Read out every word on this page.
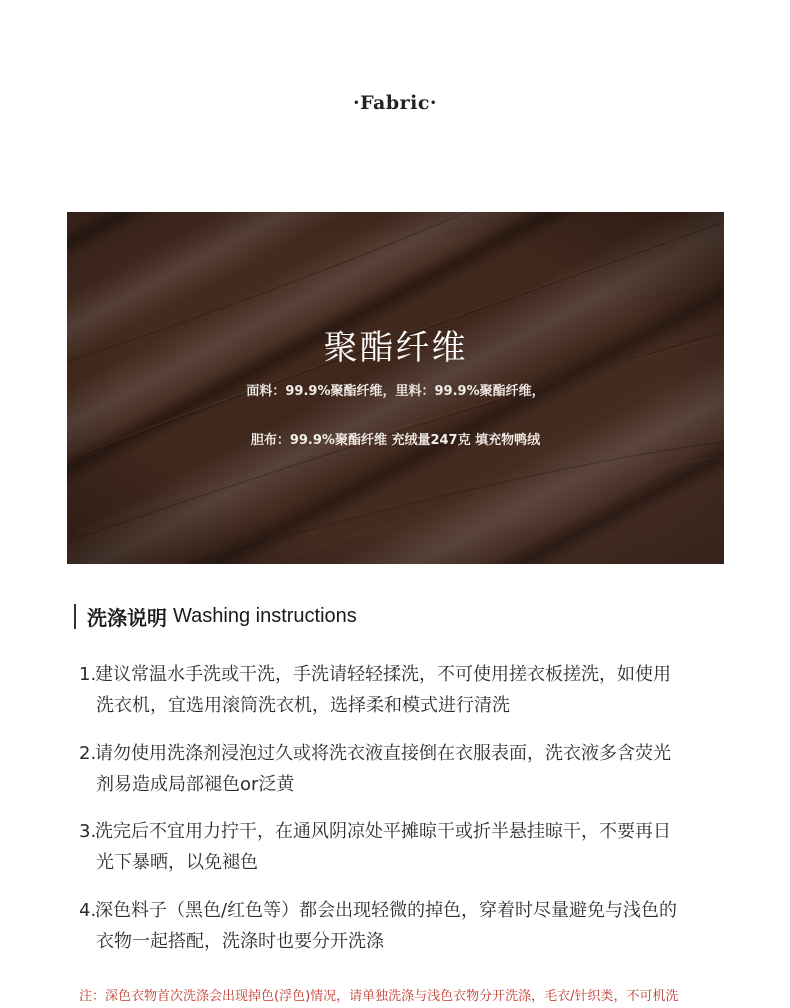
·Fabric·
聚酯纤维
面料：99.9%聚酯纤维，里料：99.9%聚酯纤维，
胆布：99.9%聚酯纤维 充绒量247克 填充物鸭绒
洗涤说明 Washing instructions
1.建议常温水手洗或干洗，手洗请轻轻揉洗，不可使用搓衣板搓洗，如使用
洗衣机，宜选用滚筒洗衣机，选择柔和模式进行清洗
2.请勿使用洗涤剂浸泡过久或将洗衣液直接倒在衣服表面，洗衣液多含荧光
剂易造成局部褪色or泛黄
3.洗完后不宜用力拧干，在通风阴凉处平摊晾干或折半悬挂晾干，不要再日
光下暴晒，以免褪色
4.深色料子（黑色/红色等）都会出现轻微的掉色，穿着时尽量避免与浅色的
衣物一起搭配，洗涤时也要分开洗涤
注：深色衣物首次洗涤会出现掉色(浮色)情况，请单独洗涤与浅色衣物分开洗涤，毛衣/针织类，不可机洗
